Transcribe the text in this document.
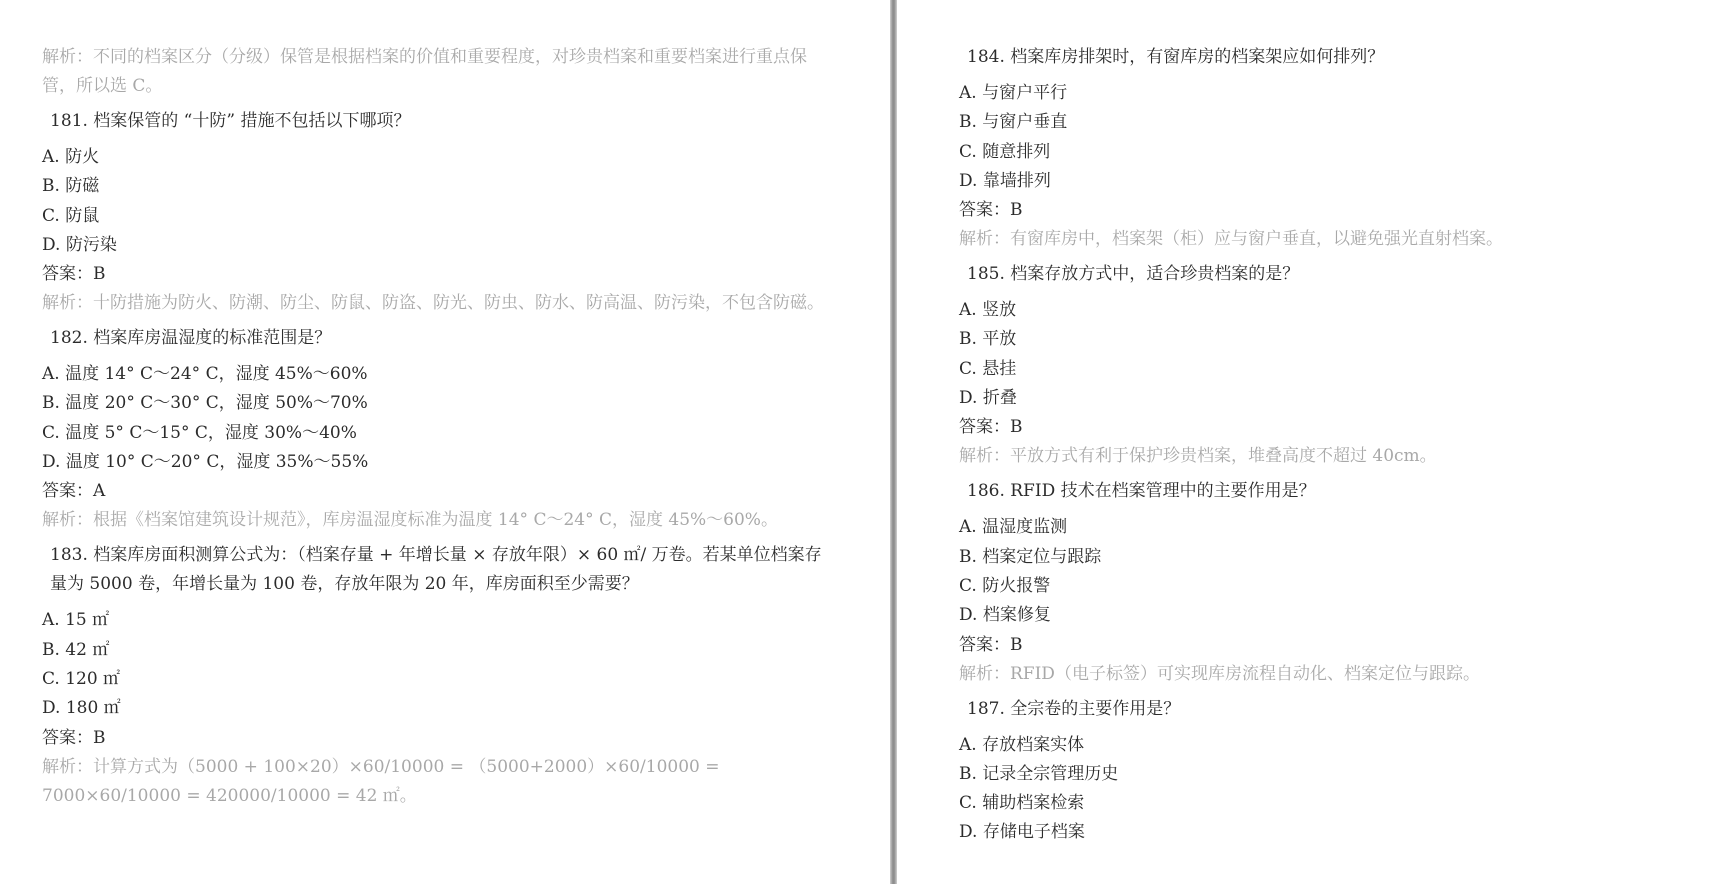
解析：不同的档案区分（分级）保管是根据档案的价值和重要程度，对珍贵档案和重要档案进行重点保管，所以选 C。
181. 档案保管的 “十防” 措施不包括以下哪项？
A. 防火
B. 防磁
C. 防鼠
D. 防污染
答案：B
解析：十防措施为防火、防潮、防尘、防鼠、防盗、防光、防虫、防水、防高温、防污染，不包含防磁。
182. 档案库房温湿度的标准范围是？
A. 温度 14° C～24° C，湿度 45%～60%
B. 温度 20° C～30° C，湿度 50%～70%
C. 温度 5° C～15° C，湿度 30%～40%
D. 温度 10° C～20° C，湿度 35%～55%
答案：A
解析：根据《档案馆建筑设计规范》，库房温湿度标准为温度 14° C～24° C，湿度 45%～60%。
183. 档案库房面积测算公式为：（档案存量 + 年增长量 × 存放年限）× 60 ㎡/ 万卷。若某单位档案存量为 5000 卷，年增长量为 100 卷，存放年限为 20 年，库房面积至少需要？
A. 15 ㎡
B. 42 ㎡
C. 120 ㎡
D. 180 ㎡
答案：B
解析：计算方式为（5000 + 100×20）×60/10000 = （5000+2000）×60/10000 =
7000×60/10000 = 420000/10000 = 42 ㎡。
184. 档案库房排架时，有窗库房的档案架应如何排列？
A. 与窗户平行
B. 与窗户垂直
C. 随意排列
D. 靠墙排列
答案：B
解析：有窗库房中，档案架（柜）应与窗户垂直，以避免强光直射档案。
185. 档案存放方式中，适合珍贵档案的是？
A. 竖放
B. 平放
C. 悬挂
D. 折叠
答案：B
解析：平放方式有利于保护珍贵档案，堆叠高度不超过 40cm。
186. RFID 技术在档案管理中的主要作用是？
A. 温湿度监测
B. 档案定位与跟踪
C. 防火报警
D. 档案修复
答案：B
解析：RFID（电子标签）可实现库房流程自动化、档案定位与跟踪。
187. 全宗卷的主要作用是？
A. 存放档案实体
B. 记录全宗管理历史
C. 辅助档案检索
D. 存储电子档案
